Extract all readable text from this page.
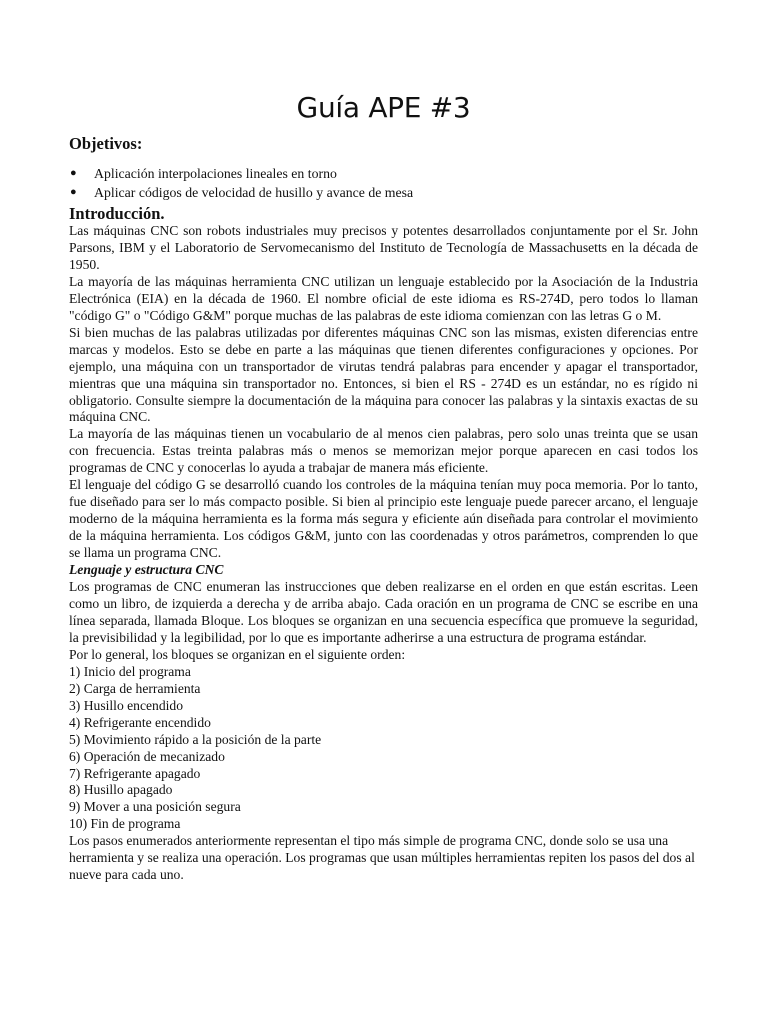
Guía APE #3
Objetivos:
● Aplicación interpolaciones lineales en torno
● Aplicar códigos de velocidad de husillo y avance de mesa
Introducción.

Las máquinas CNC son robots industriales muy precisos y potentes desarrollados conjuntamente por el Sr. John Parsons, IBM y el Laboratorio de Servomecanismo del Instituto de Tecnología de Massachusetts en la década de 1950.

La mayoría de las máquinas herramienta CNC utilizan un lenguaje establecido por la Asociación de la Industria Electrónica (EIA) en la década de 1960. El nombre oficial de este idioma es RS-274D, pero todos lo llaman "código G" o "Código G&M" porque muchas de las palabras de este idioma comienzan con las letras G o M.

Si bien muchas de las palabras utilizadas por diferentes máquinas CNC son las mismas, existen diferencias entre marcas y modelos. Esto se debe en parte a las máquinas que tienen diferentes configuraciones y opciones. Por ejemplo, una máquina con un transportador de virutas tendrá palabras para encender y apagar el transportador, mientras que una máquina sin transportador no. Entonces, si bien el RS - 274D es un estándar, no es rígido ni obligatorio. Consulte siempre la documentación de la máquina para conocer las palabras y la sintaxis exactas de su máquina CNC.

La mayoría de las máquinas tienen un vocabulario de al menos cien palabras, pero solo unas treinta que se usan con frecuencia. Estas treinta palabras más o menos se memorizan mejor porque aparecen en casi todos los programas de CNC y conocerlas lo ayuda a trabajar de manera más eficiente.

El lenguaje del código G se desarrolló cuando los controles de la máquina tenían muy poca memoria. Por lo tanto, fue diseñado para ser lo más compacto posible. Si bien al principio este lenguaje puede parecer arcano, el lenguaje moderno de la máquina herramienta es la forma más segura y eficiente aún diseñada para controlar el movimiento de la máquina herramienta. Los códigos G&M, junto con las coordenadas y otros parámetros, comprenden lo que se llama un programa CNC.

Lenguaje y estructura CNC

Los programas de CNC enumeran las instrucciones que deben realizarse en el orden en que están escritas. Leen como un libro, de izquierda a derecha y de arriba abajo. Cada oración en un programa de CNC se escribe en una línea separada, llamada Bloque. Los bloques se organizan en una secuencia específica que promueve la seguridad, la previsibilidad y la legibilidad, por lo que es importante adherirse a una estructura de programa estándar.

Por lo general, los bloques se organizan en el siguiente orden:

1) Inicio del programa
2) Carga de herramienta
3) Husillo encendido
4) Refrigerante encendido
5) Movimiento rápido a la posición de la parte
6) Operación de mecanizado
7) Refrigerante apagado
8) Husillo apagado
9) Mover a una posición segura
10) Fin de programa

Los pasos enumerados anteriormente representan el tipo más simple de programa CNC, donde solo se usa una herramienta y se realiza una operación. Los programas que usan múltiples herramientas repiten los pasos del dos al nueve para cada uno.
